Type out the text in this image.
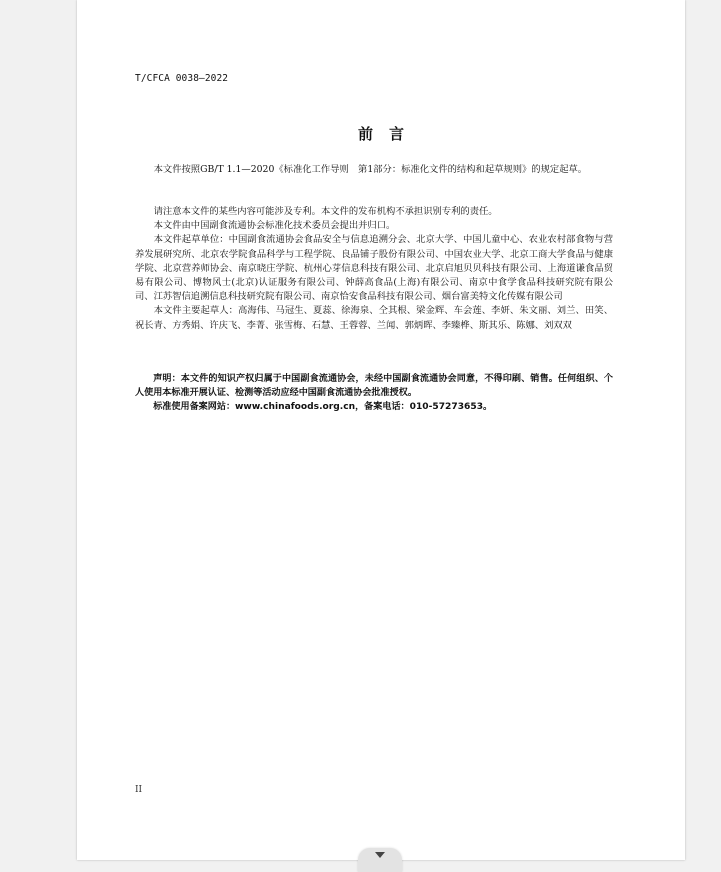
T/CFCA 0038—2022
前言

本文件按照GB/T 1.1—2020《标准化工作导则　第1部分：标准化文件的结构和起草规则》的规定起草。

请注意本文件的某些内容可能涉及专利。本文件的发布机构不承担识别专利的责任。

本文件由中国副食流通协会标准化技术委员会提出并归口。

本文件起草单位：中国副食流通协会食品安全与信息追溯分会、北京大学、中国儿童中心、农业农村部食物与营养发展研究所、北京农学院食品科学与工程学院、良品铺子股份有限公司、中国农业大学、北京工商大学食品与健康学院、北京营养师协会、南京晓庄学院、杭州心芽信息科技有限公司、北京启旭贝贝科技有限公司、上海道谦食品贸易有限公司、博物风士(北京)认证服务有限公司、钟薛高食品(上海)有限公司、南京中食学食品科技研究院有限公司、江苏智信追溯信息科技研究院有限公司、南京恰安食品科技有限公司、烟台富美特文化传媒有限公司

本文件主要起草人：高海伟、马冠生、夏蕊、徐海泉、仝其根、梁金辉、车会莲、李妍、朱文丽、刘兰、田笑、祝长青、方秀娟、许庆飞、李菁、张雪梅、石慧、王蓉蓉、兰闻、郭炳晖、李臻桦、斯其乐、陈娜、刘双双

声明：本文件的知识产权归属于中国副食流通协会，未经中国副食流通协会同意，不得印刷、销售。任何组织、个人使用本标准开展认证、检测等活动应经中国副食流通协会批准授权。

标准使用备案网站：www.chinafoods.org.cn，备案电话：010-57273653。

II
